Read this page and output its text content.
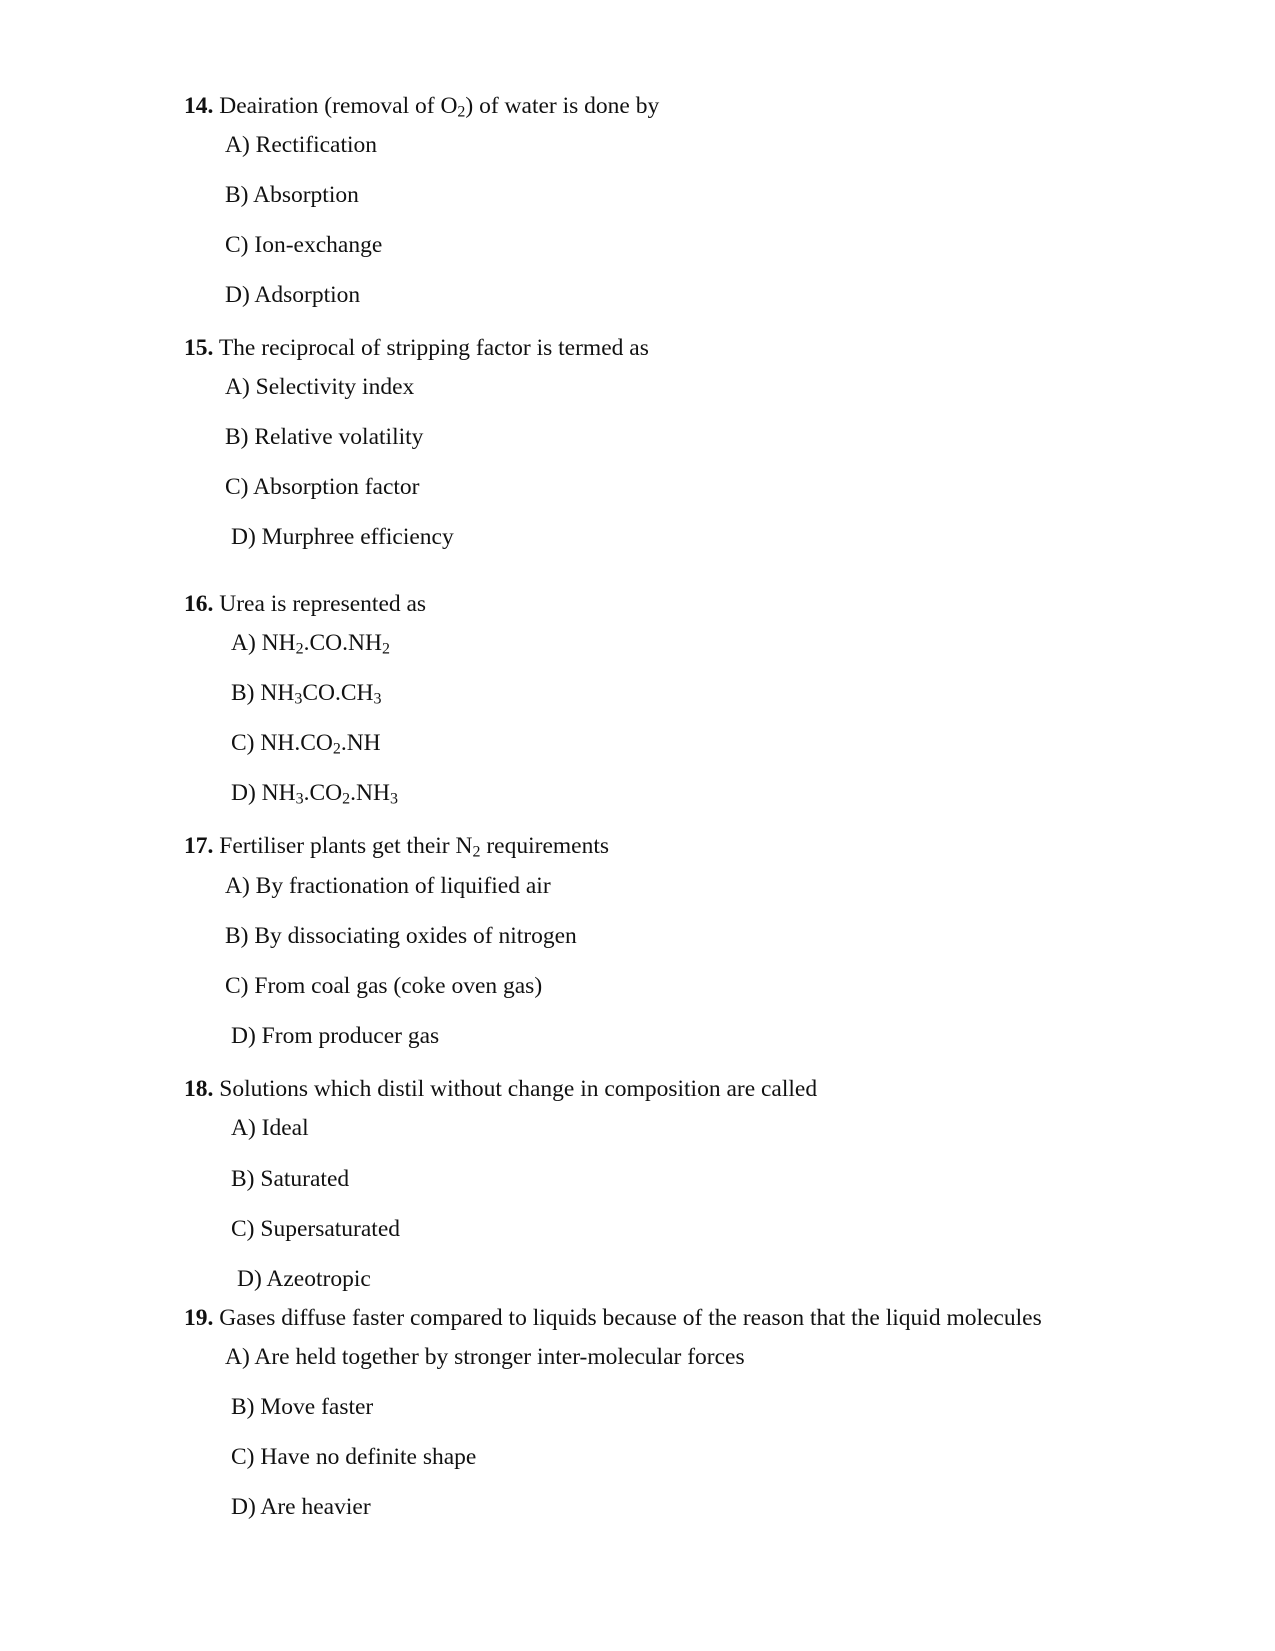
14. Deairation (removal of $O_2$) of water is done by
A) Rectification
B) Absorption
C) Ion-exchange
D) Adsorption
15. The reciprocal of stripping factor is termed as
A) Selectivity index
B) Relative volatility
C) Absorption factor
D) Murphree efficiency
16. Urea is represented as
A) $NH_2.CO.NH_2$
B) $NH_3CO.CH_3$
C) $NH.CO_2.NH$
D) $NH_3.CO_2.NH_3$
17. Fertiliser plants get their $N_2$ requirements
A) By fractionation of liquified air
B) By dissociating oxides of nitrogen
C) From coal gas (coke oven gas)
D) From producer gas
18. Solutions which distil without change in composition are called
A) Ideal
B) Saturated
C) Supersaturated
D) Azeotropic
19. Gases diffuse faster compared to liquids because of the reason that the liquid molecules
A) Are held together by stronger inter-molecular forces
B) Move faster
C) Have no definite shape
D) Are heavier
